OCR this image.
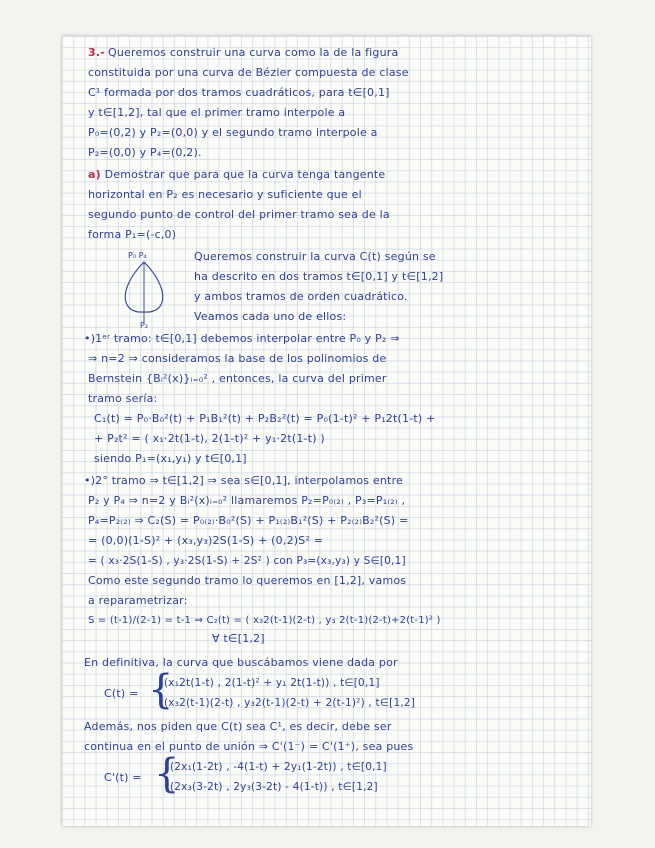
3.- Queremos construir una curva como la de la figura
constituida por una curva de Bézier compuesta de clase
C¹ formada por dos tramos cuadráticos, para t∈[0,1]
y t∈[1,2], tal que el primer tramo interpole a
P₀=(0,2) y P₂=(0,0) y el segundo tramo interpole a
P₂=(0,0) y P₄=(0,2).
a) Demostrar que para que la curva tenga tangente
horizontal en P₂ es necesario y suficiente que el
segundo punto de control del primer tramo sea de la
forma P₁=(-c,0)
P₀ P₄
P₂
Queremos construir la curva C(t) según se
ha descrito en dos tramos t∈[0,1] y t∈[1,2]
y ambos tramos de orden cuadrático.
Veamos cada uno de ellos:
•)1ᵉʳ tramo: t∈[0,1] debemos interpolar entre P₀ y P₂ ⇒
⇒ n=2 ⇒ consideramos la base de los polinomios de
Bernstein {Bᵢ²(x)}ᵢ₌₀² , entonces, la curva del primer
tramo sería:
C₁(t) = P₀·B₀²(t) + P₁B₁²(t) + P₂B₂²(t) = P₀(1-t)² + P₁2t(1-t) +
+ P₂t² = ( x₁·2t(1-t), 2(1-t)² + y₁·2t(1-t) )
siendo P₁=(x₁,y₁) y t∈[0,1]
•)2° tramo ⇒ t∈[1,2] ⇒ sea s∈[0,1], interpolamos entre
P₂ y P₄ ⇒ n=2 y Bᵢ²(x)ᵢ₌₀² llamaremos P₂=P₀₍₂₎ , P₃=P₁₍₂₎ ,
P₄=P₂₍₂₎ ⇒ C₂(S) = P₀₍₂₎·B₀²(S) + P₁₍₂₎B₁²(S) + P₂₍₂₎B₂²(S) =
= (0,0)(1-S)² + (x₃,y₃)2S(1-S) + (0,2)S² =
= ( x₃·2S(1-S) , y₃·2S(1-S) + 2S² ) con P₃=(x₃,y₃) y S∈[0,1]
Como este segundo tramo lo queremos en [1,2], vamos
a reparametrizar:
S = (t-1)/(2-1) = t-1 ⇒ C₂(t) = ( x₃2(t-1)(2-t) , y₃ 2(t-1)(2-t)+2(t-1)² )
∀ t∈[1,2]
En definitiva, la curva que buscábamos viene dada por
C(t) = {
(x₁2t(1-t) , 2(1-t)² + y₁ 2t(1-t)) , t∈[0,1]
(x₃2(t-1)(2-t) , y₃2(t-1)(2-t) + 2(t-1)²) , t∈[1,2]
Además, nos piden que C(t) sea C¹, es decir, debe ser
continua en el punto de unión ⇒ C'(1⁻) = C'(1⁺), sea pues
C'(t) = {
(2x₁(1-2t) , -4(1-t) + 2y₁(1-2t)) , t∈[0,1]
(2x₃(3-2t) , 2y₃(3-2t) - 4(1-t)) , t∈[1,2]
